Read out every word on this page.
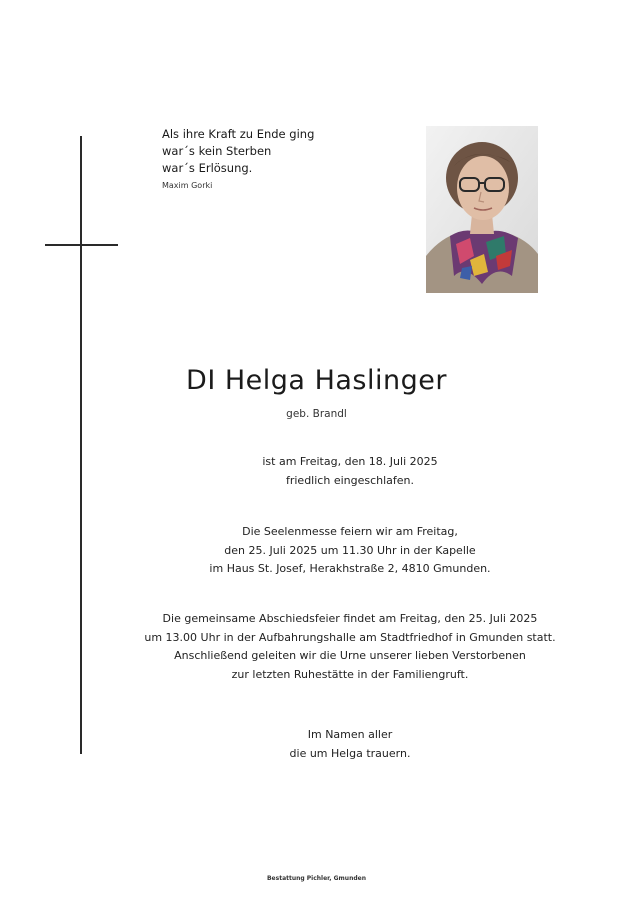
Als ihre Kraft zu Ende ging
war´s kein Sterben
war´s Erlösung.
Maxim Gorki
DI Helga Haslinger
geb. Brandl
ist am Freitag, den 18. Juli 2025
friedlich eingeschlafen.
Die Seelenmesse feiern wir am Freitag,
den 25. Juli 2025 um 11.30 Uhr in der Kapelle
im Haus St. Josef, Herakhstraße 2, 4810 Gmunden.
Die gemeinsame Abschiedsfeier findet am Freitag, den 25. Juli 2025
um 13.00 Uhr in der Aufbahrungshalle am Stadtfriedhof in Gmunden statt.
Anschließend geleiten wir die Urne unserer lieben Verstorbenen
zur letzten Ruhestätte in der Familiengruft.
Im Namen aller
die um Helga trauern.
Bestattung Pichler, Gmunden
